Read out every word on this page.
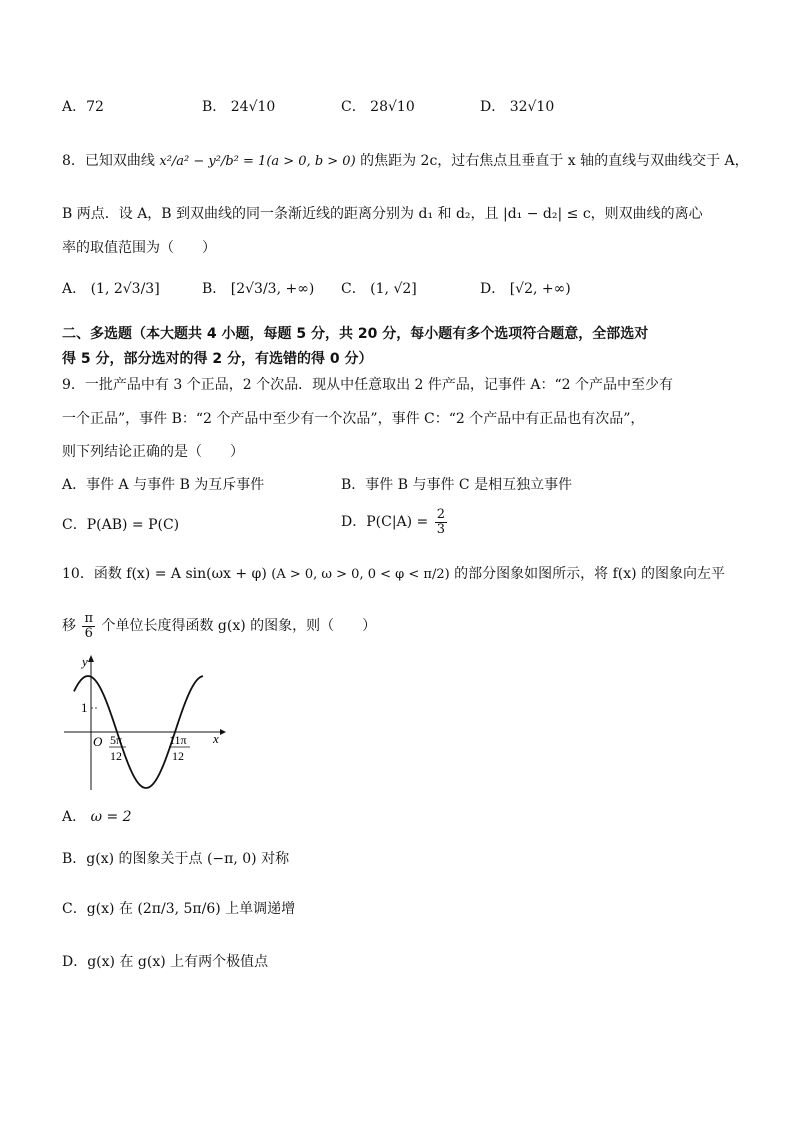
A．72	B． 24√10	C． 28√10	D． 32√10
8．已知双曲线 x²/a² − y²/b² = 1(a > 0, b > 0) 的焦距为 2c，过右焦点且垂直于 x 轴的直线与双曲线交于 A，
B 两点．设 A，B 到双曲线的同一条渐近线的距离分别为 d₁ 和 d₂，且 |d₁ − d₂| ≤ c，则双曲线的离心
率的取值范围为（　　）
A． (1, 2√3/3]	B． [2√3/3, +∞) C． (1, √2]	D． [√2, +∞)
二、多选题（本大题共 4 小题，每题 5 分，共 20 分，每小题有多个选项符合题意，全部选对
得 5 分，部分选对的得 2 分，有选错的得 0 分）
9．一批产品中有 3 个正品，2 个次品．现从中任意取出 2 件产品，记事件 A：“2 个产品中至少有
一个正品”，事件 B：“2 个产品中至少有一个次品”，事件 C：“2 个产品中有正品也有次品”，
则下列结论正确的是（　　）
A．事件 A 与事件 B 为互斥事件	B．事件 B 与事件 C 是相互独立事件
C．P(AB) = P(C)	D．$P(C|A) = \frac{2}{3}$
10．函数 f(x) = A sin(ωx + φ) (A > 0, ω > 0, 0 < φ < π/2) 的部分图象如图所示，将 f(x) 的图象向左平
移 $\frac{\pi}{6}$ 个单位长度得函数 g(x) 的图象，则（　　）
y
x
O
1
5π
12
11π
12
A． ω = 2
B．g(x) 的图象关于点 (−π, 0) 对称
C．g(x) 在 (2π/3, 5π/6) 上单调递增
D．g(x) 在 g(x) 上有两个极值点
